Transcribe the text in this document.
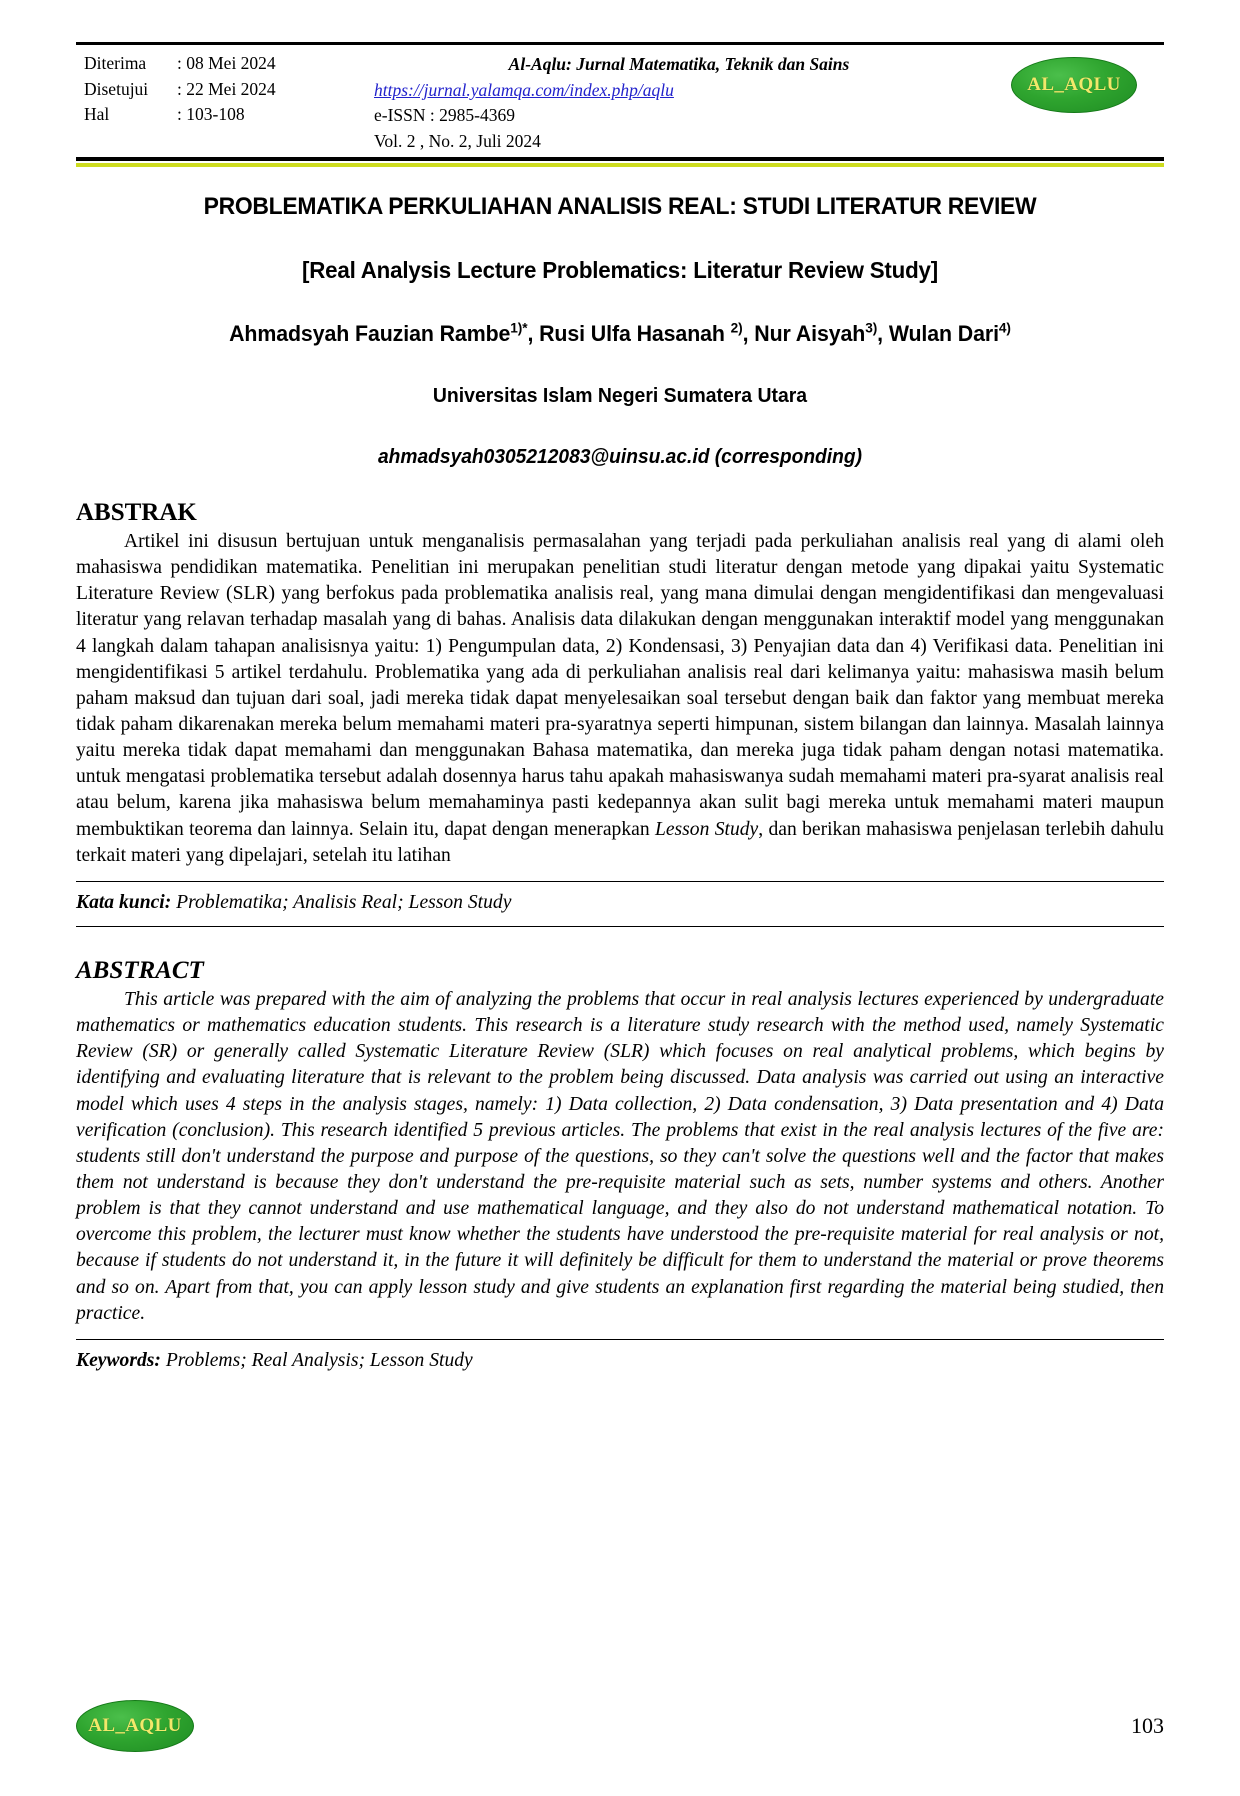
Diterima	: 08 Mei 2024
Disetujui	: 22 Mei 2024
Hal	: 103-108
Al-Aqlu: Jurnal Matematika, Teknik dan Sains
https://jurnal.yalamqa.com/index.php/aqlu
e-ISSN : 2985-4369
Vol. 2 , No. 2, Juli 2024
AL_AQLU
PROBLEMATIKA PERKULIAHAN ANALISIS REAL: STUDI LITERATUR REVIEW
[Real Analysis Lecture Problematics: Literatur Review Study]
Ahmadsyah Fauzian Rambe$^{1)*}$, Rusi Ulfa Hasanah $^{2)}$, Nur Aisyah$^{3)}$, Wulan Dari$^{4)}$
Universitas Islam Negeri Sumatera Utara
ahmadsyah0305212083@uinsu.ac.id (corresponding)
ABSTRAK
Artikel ini disusun bertujuan untuk menganalisis permasalahan yang terjadi pada perkuliahan analisis real yang di alami oleh mahasiswa pendidikan matematika. Penelitian ini merupakan penelitian studi literatur dengan metode yang dipakai yaitu Systematic Literature Review (SLR) yang berfokus pada problematika analisis real, yang mana dimulai dengan mengidentifikasi dan mengevaluasi literatur yang relavan terhadap masalah yang di bahas. Analisis data dilakukan dengan menggunakan interaktif model yang menggunakan 4 langkah dalam tahapan analisisnya yaitu: 1) Pengumpulan data, 2) Kondensasi, 3) Penyajian data dan 4) Verifikasi data. Penelitian ini mengidentifikasi 5 artikel terdahulu. Problematika yang ada di perkuliahan analisis real dari kelimanya yaitu: mahasiswa masih belum paham maksud dan tujuan dari soal, jadi mereka tidak dapat menyelesaikan soal tersebut dengan baik dan faktor yang membuat mereka tidak paham dikarenakan mereka belum memahami materi pra-syaratnya seperti himpunan, sistem bilangan dan lainnya. Masalah lainnya yaitu mereka tidak dapat memahami dan menggunakan Bahasa matematika, dan mereka juga tidak paham dengan notasi matematika. untuk mengatasi problematika tersebut adalah dosennya harus tahu apakah mahasiswanya sudah memahami materi pra-syarat analisis real atau belum, karena jika mahasiswa belum memahaminya pasti kedepannya akan sulit bagi mereka untuk memahami materi maupun membuktikan teorema dan lainnya. Selain itu, dapat dengan menerapkan Lesson Study, dan berikan mahasiswa penjelasan terlebih dahulu terkait materi yang dipelajari, setelah itu latihan
Kata kunci: Problematika; Analisis Real; Lesson Study
ABSTRACT
This article was prepared with the aim of analyzing the problems that occur in real analysis lectures experienced by undergraduate mathematics or mathematics education students. This research is a literature study research with the method used, namely Systematic Review (SR) or generally called Systematic Literature Review (SLR) which focuses on real analytical problems, which begins by identifying and evaluating literature that is relevant to the problem being discussed. Data analysis was carried out using an interactive model which uses 4 steps in the analysis stages, namely: 1) Data collection, 2) Data condensation, 3) Data presentation and 4) Data verification (conclusion). This research identified 5 previous articles. The problems that exist in the real analysis lectures of the five are: students still don't understand the purpose and purpose of the questions, so they can't solve the questions well and the factor that makes them not understand is because they don't understand the pre-requisite material such as sets, number systems and others. Another problem is that they cannot understand and use mathematical language, and they also do not understand mathematical notation. To overcome this problem, the lecturer must know whether the students have understood the pre-requisite material for real analysis or not, because if students do not understand it, in the future it will definitely be difficult for them to understand the material or prove theorems and so on. Apart from that, you can apply lesson study and give students an explanation first regarding the material being studied, then practice.
Keywords: Problems; Real Analysis; Lesson Study
AL_AQLU	103
